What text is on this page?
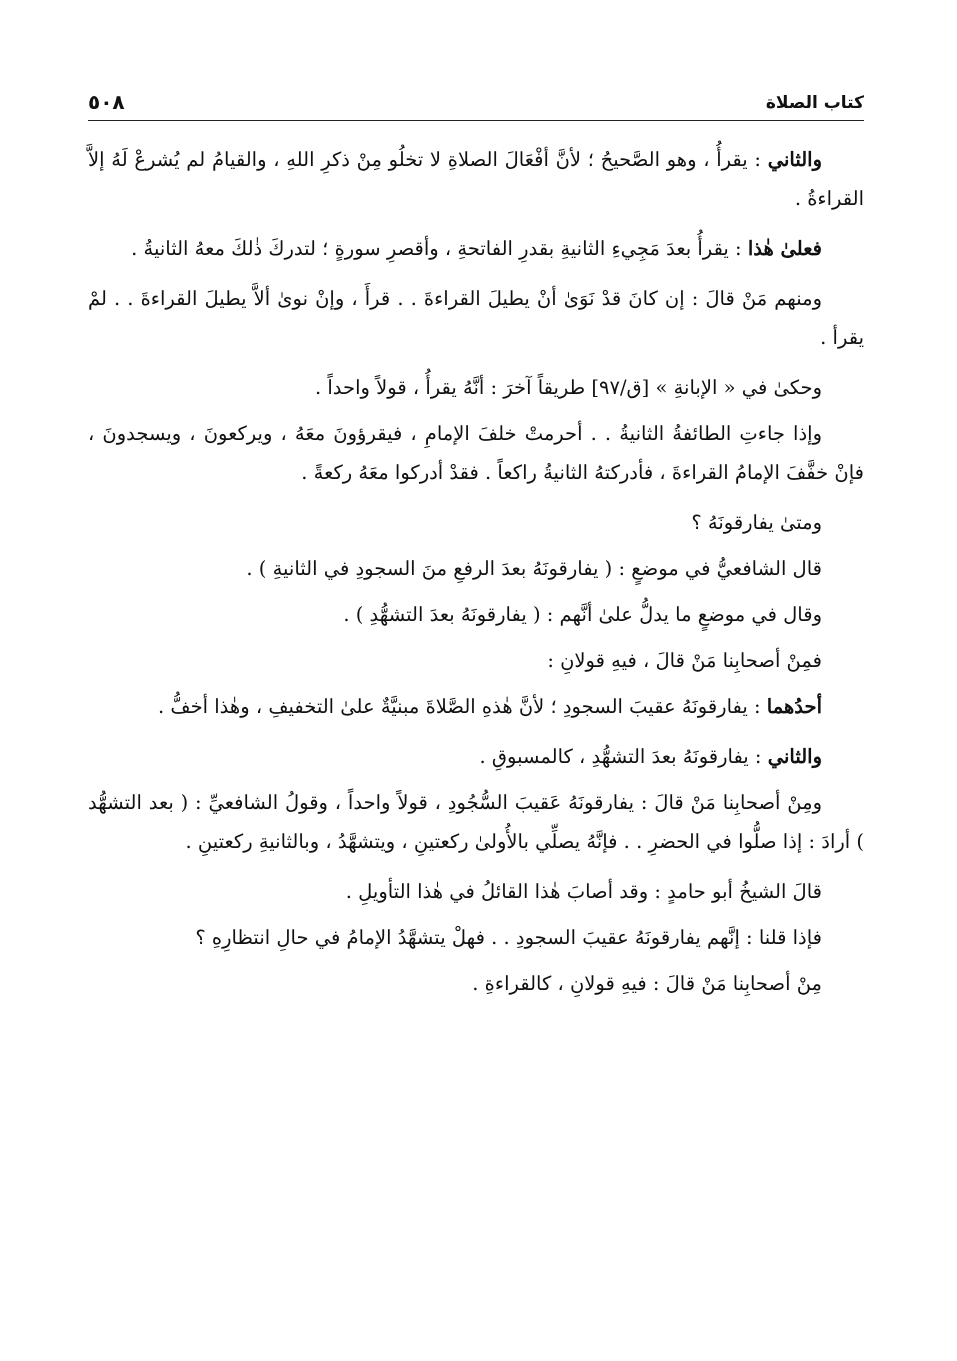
كتاب الصلاة
٥٠٨

والثاني : يقرأُ ، وهو الصَّحيحُ ؛ لأنَّ أفْعَالَ الصلاةِ لا تخلُو مِنْ ذكرِ اللهِ ، والقيامُ لم يُشرعْ لَهُ إلاَّ القراءةُ .

فعلىٰ هٰذا : يقرأُ بعدَ مَجِيءِ الثانيةِ بقدرِ الفاتحةِ ، وأقصرِ سورةٍ ؛ لتدركَ ذٰلكَ معهُ الثانيةُ .

ومنهم مَنْ قالَ : إن كانَ قدْ نَوَىٰ أنْ يطيلَ القراءةَ . . قرأَ ، وإنْ نوىٰ ألاَّ يطيلَ القراءةَ . . لمْ يقرأ .

وحكىٰ في « الإبانةِ » [ق/٩٧] طريقاً آخرَ : أنَّهُ يقرأُ ، قولاً واحداً .

وإذا جاءتِ الطائفةُ الثانيةُ . . أحرمتْ خلفَ الإمامِ ، فيقرؤونَ معَهُ ، ويركعونَ ، ويسجدونَ ، فإنْ خفَّفَ الإمامُ القراءةَ ، فأدركتهُ الثانيةُ راكعاً . فقدْ أدركوا معَهُ ركعةً .

ومتىٰ يفارقونَهُ ؟

قال الشافعيُّ في موضعٍ : ( يفارقونَهُ بعدَ الرفعِ منَ السجودِ في الثانيةِ ) .

وقال في موضعٍ ما يدلُّ علىٰ أنَّهم : ( يفارقونَهُ بعدَ التشهُّدِ ) .

فمِنْ أصحابِنا مَنْ قالَ ، فيهِ قولانِ :

أحدُهما : يفارقونَهُ عقيبَ السجودِ ؛ لأنَّ هٰذهِ الصَّلاةَ مبنيَّةٌ علىٰ التخفيفِ ، وهٰذا أخفُّ .

والثاني : يفارقونَهُ بعدَ التشهُّدِ ، كالمسبوقِ .

ومِنْ أصحابِنا مَنْ قالَ : يفارقونَهُ عَقيبَ السُّجُودِ ، قولاً واحداً ، وقولُ الشافعيِّ : ( بعد التشهُّد ) أرادَ : إذا صلُّوا في الحضرِ . . فإنَّهُ يصلِّي بالأُولىٰ ركعتينِ ، ويتشهَّدُ ، وبالثانيةِ ركعتينِ .

قالَ الشيخُ أبو حامدٍ : وقد أصابَ هٰذا القائلُ في هٰذا التأويلِ .

فإذا قلنا : إنَّهم يفارقونَهُ عقيبَ السجودِ . . فهلْ يتشهَّدُ الإمامُ في حالِ انتظارِهِ ؟

مِنْ أصحابِنا مَنْ قالَ : فيهِ قولانِ ، كالقراءةِ .
